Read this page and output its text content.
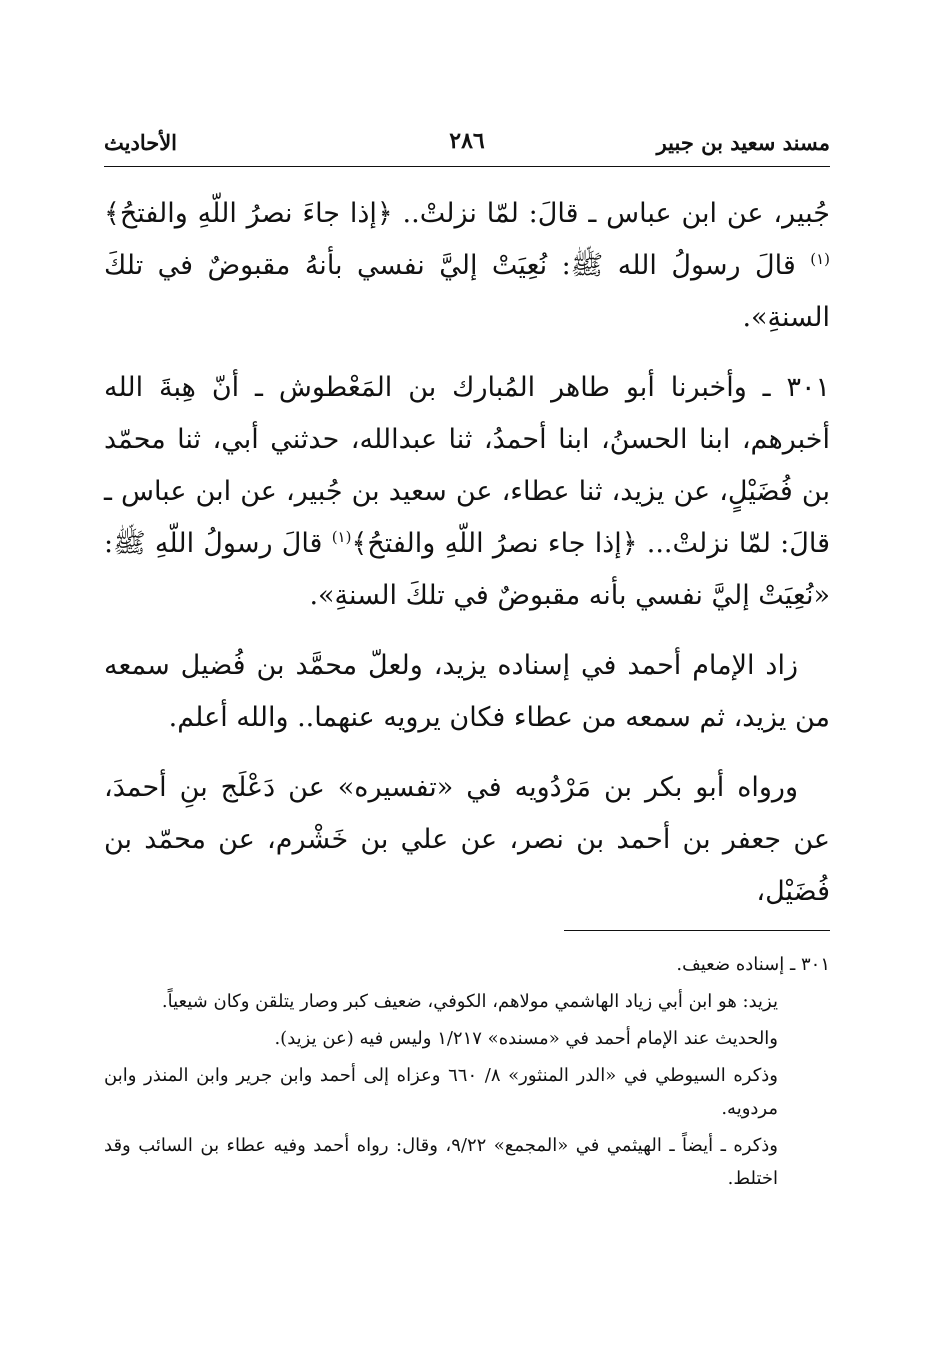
مسند سعيد بن جبير
٢٨٦
الأحاديث

جُبير، عن ابن عباس ـ قالَ: لمّا نزلتْ.. ﴿إذا جاءَ نصرُ اللّهِ والفتحُ﴾$^{(١)}$ قالَ رسولُ الله ﷺ: نُعِيَتْ إليَّ نفسي بأنهُ مقبوضٌ في تلكَ السنةِ».

٣٠١ ـ وأخبرنا أبو طاهر المُبارك بن المَعْطوش ـ أنّ هِبةَ الله أخبرهم، ابنا الحسنُ، ابنا أحمدُ، ثنا عبدالله، حدثني أبي، ثنا محمّد بن فُضَيْلٍ، عن يزيد، ثنا عطاء، عن سعيد بن جُبير، عن ابن عباس ـ قالَ: لمّا نزلتْ... ﴿إذا جاء نصرُ اللّهِ والفتحُ﴾$^{(١)}$ قالَ رسولُ اللّهِ ﷺ: «نُعِيَتْ إليَّ نفسي بأنه مقبوضٌ في تلكَ السنةِ».

زاد الإمام أحمد في إسناده يزيد، ولعلّ محمَّد بن فُضيل سمعه من يزيد، ثم سمعه من عطاء فكان يرويه عنهما.. والله أعلم.

ورواه أبو بكر بن مَرْدُويه في «تفسيره» عن دَعْلَج بنِ أحمدَ، عن جعفر بن أحمد بن نصر، عن علي بن خَشْرم، عن محمّد بن فُضَيْل،

٣٠١ ـ إسناده ضعيف.

يزيد: هو ابن أبي زياد الهاشمي مولاهم، الكوفي، ضعيف كبر وصار يتلقن وكان شيعياً.

والحديث عند الإمام أحمد في «مسنده» ١/٢١٧ وليس فيه (عن يزيد).

وذكره السيوطي في «الدر المنثور» ٨/ ٦٦٠ وعزاه إلى أحمد وابن جرير وابن المنذر وابن مردويه.

وذكره ـ أيضاً ـ الهيثمي في «المجمع» ٩/٢٢، وقال: رواه أحمد وفيه عطاء بن السائب وقد اختلط.
